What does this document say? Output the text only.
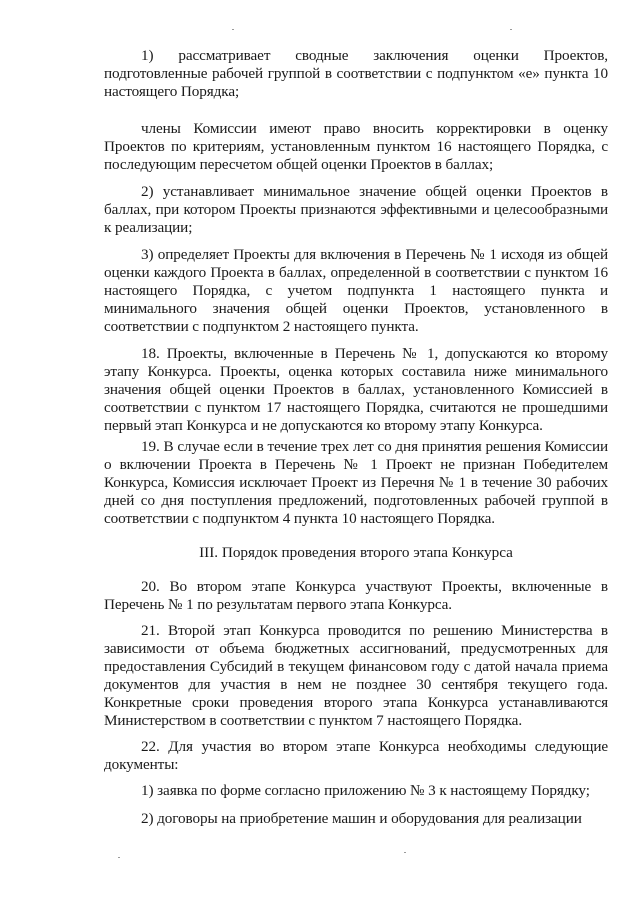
1) рассматривает сводные заключения оценки Проектов, подготовленные рабочей группой в соответствии с подпунктом «е» пункта 10 настоящего Порядка;

члены Комиссии имеют право вносить корректировки в оценку Проектов по критериям, установленным пунктом 16 настоящего Порядка, с последующим пересчетом общей оценки Проектов в баллах;

2) устанавливает минимальное значение общей оценки Проектов в баллах, при котором Проекты признаются эффективными и целесообразными к реализации;

3) определяет Проекты для включения в Перечень № 1 исходя из общей оценки каждого Проекта в баллах, определенной в соответствии с пунктом 16 настоящего Порядка, с учетом подпункта 1 настоящего пункта и минимального значения общей оценки Проектов, установленного в соответствии с подпунктом 2 настоящего пункта.

18. Проекты, включенные в Перечень № 1, допускаются ко второму этапу Конкурса. Проекты, оценка которых составила ниже минимального значения общей оценки Проектов в баллах, установленного Комиссией в соответствии с пунктом 17 настоящего Порядка, считаются не прошедшими первый этап Конкурса и не допускаются ко второму этапу Конкурса.

19. В случае если в течение трех лет со дня принятия решения Комиссии о включении Проекта в Перечень № 1 Проект не признан Победителем Конкурса, Комиссия исключает Проект из Перечня № 1 в течение 30 рабочих дней со дня поступления предложений, подготовленных рабочей группой в соответствии с подпунктом 4 пункта 10 настоящего Порядка.

III. Порядок проведения второго этапа Конкурса

20. Во втором этапе Конкурса участвуют Проекты, включенные в Перечень № 1 по результатам первого этапа Конкурса.

21. Второй этап Конкурса проводится по решению Министерства в зависимости от объема бюджетных ассигнований, предусмотренных для предоставления Субсидий в текущем финансовом году с датой начала приема документов для участия в нем не позднее 30 сентября текущего года. Конкретные сроки проведения второго этапа Конкурса устанавливаются Министерством в соответствии с пунктом 7 настоящего Порядка.

22. Для участия во втором этапе Конкурса необходимы следующие документы:

1) заявка по форме согласно приложению № 3 к настоящему Порядку;

2) договоры на приобретение машин и оборудования для реализации
